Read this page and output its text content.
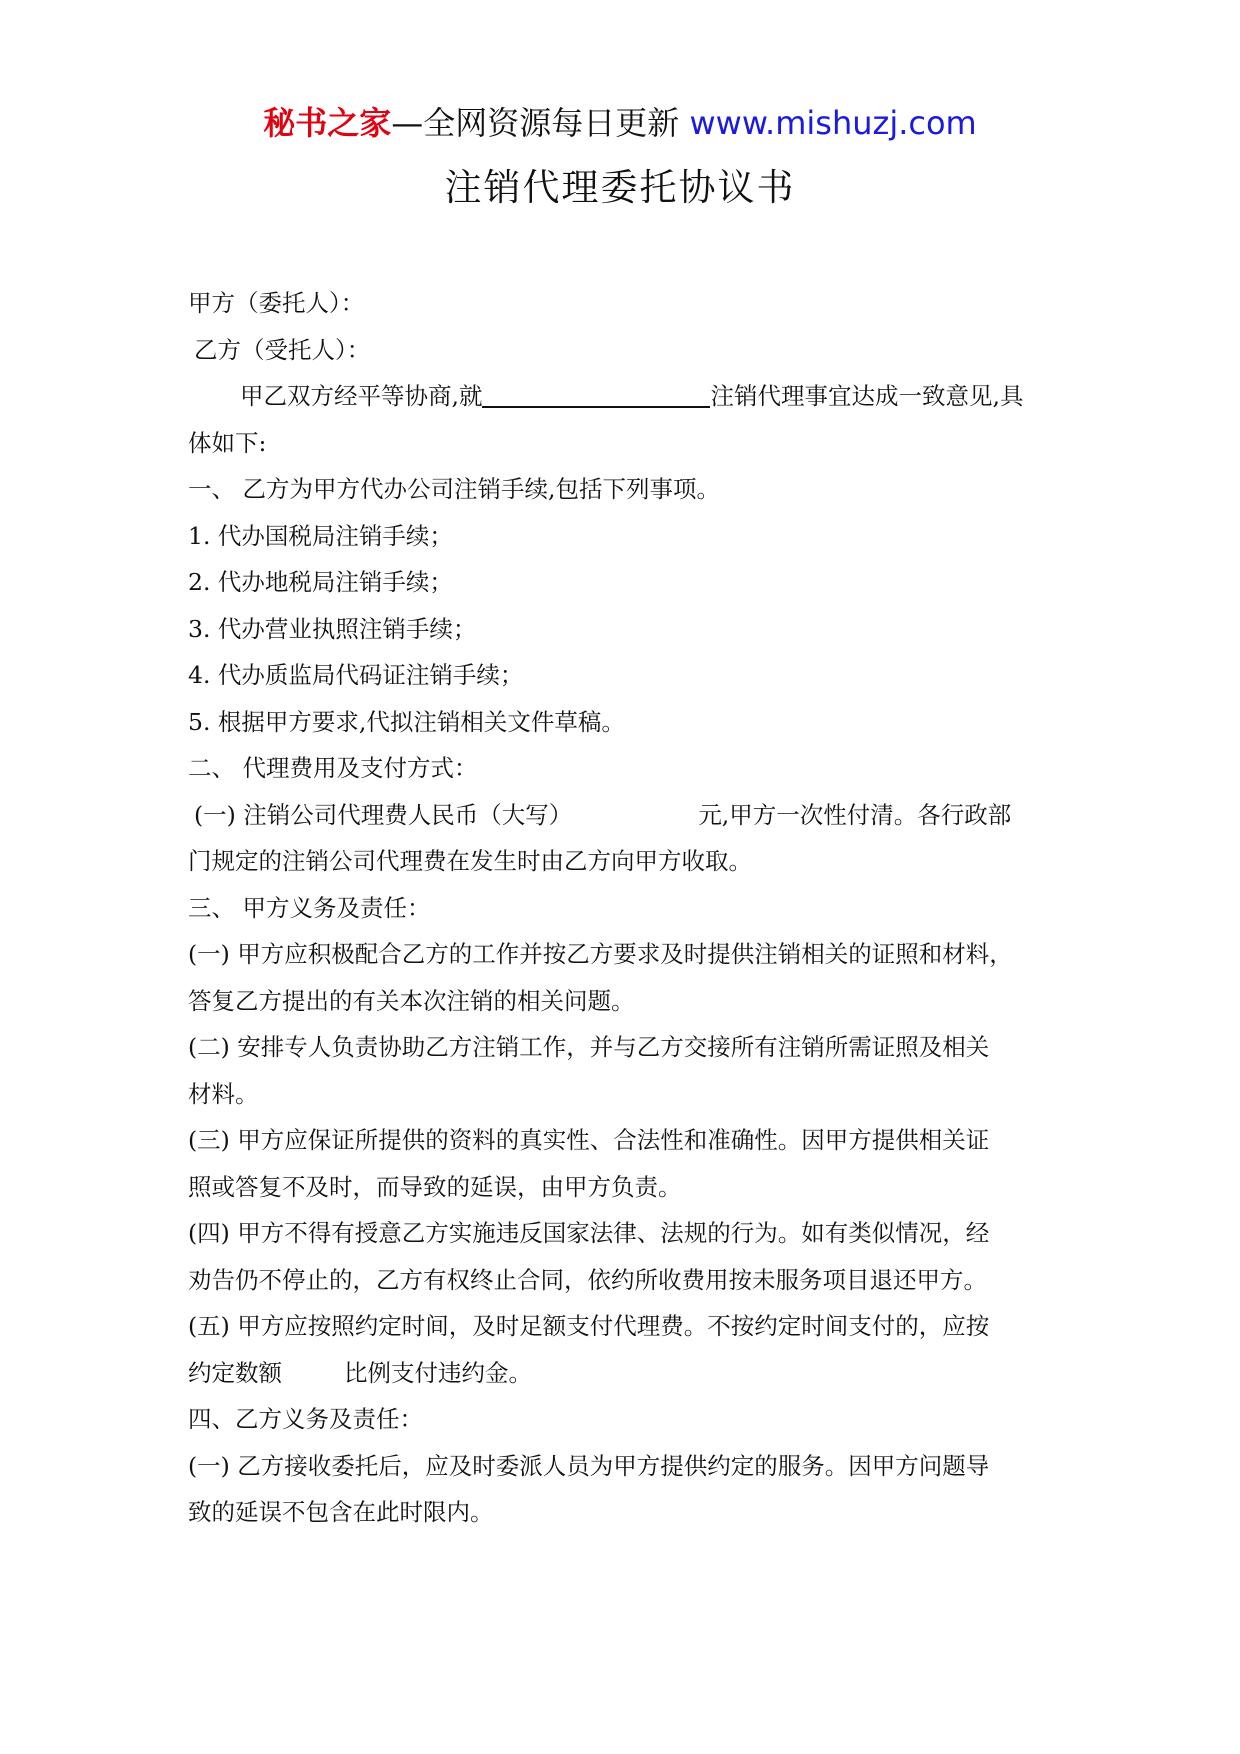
秘书之家—全网资源每日更新 www.mishuzj.com
注销代理委托协议书
甲方（委托人）：
乙方（受托人）：
甲乙双方经平等协商,就	注销代理事宜达成一致意见,具
体如下:
一、 乙方为甲方代办公司注销手续,包括下列事项。
1. 代办国税局注销手续；
2. 代办地税局注销手续；
3. 代办营业执照注销手续；
4. 代办质监局代码证注销手续；
5. 根据甲方要求,代拟注销相关文件草稿。
二、 代理费用及支付方式：
(一) 注销公司代理费人民币（大写）	元,甲方一次性付清。各行政部
门规定的注销公司代理费在发生时由乙方向甲方收取。
三、 甲方义务及责任：
(一) 甲方应积极配合乙方的工作并按乙方要求及时提供注销相关的证照和材料，
答复乙方提出的有关本次注销的相关问题。
(二) 安排专人负责协助乙方注销工作，并与乙方交接所有注销所需证照及相关
材料。
(三) 甲方应保证所提供的资料的真实性、合法性和准确性。因甲方提供相关证
照或答复不及时，而导致的延误，由甲方负责。
(四) 甲方不得有授意乙方实施违反国家法律、法规的行为。如有类似情况，经
劝告仍不停止的，乙方有权终止合同，依约所收费用按未服务项目退还甲方。
(五) 甲方应按照约定时间，及时足额支付代理费。不按约定时间支付的，应按
约定数额	比例支付违约金。
四、乙方义务及责任：
(一) 乙方接收委托后，应及时委派人员为甲方提供约定的服务。因甲方问题导
致的延误不包含在此时限内。
